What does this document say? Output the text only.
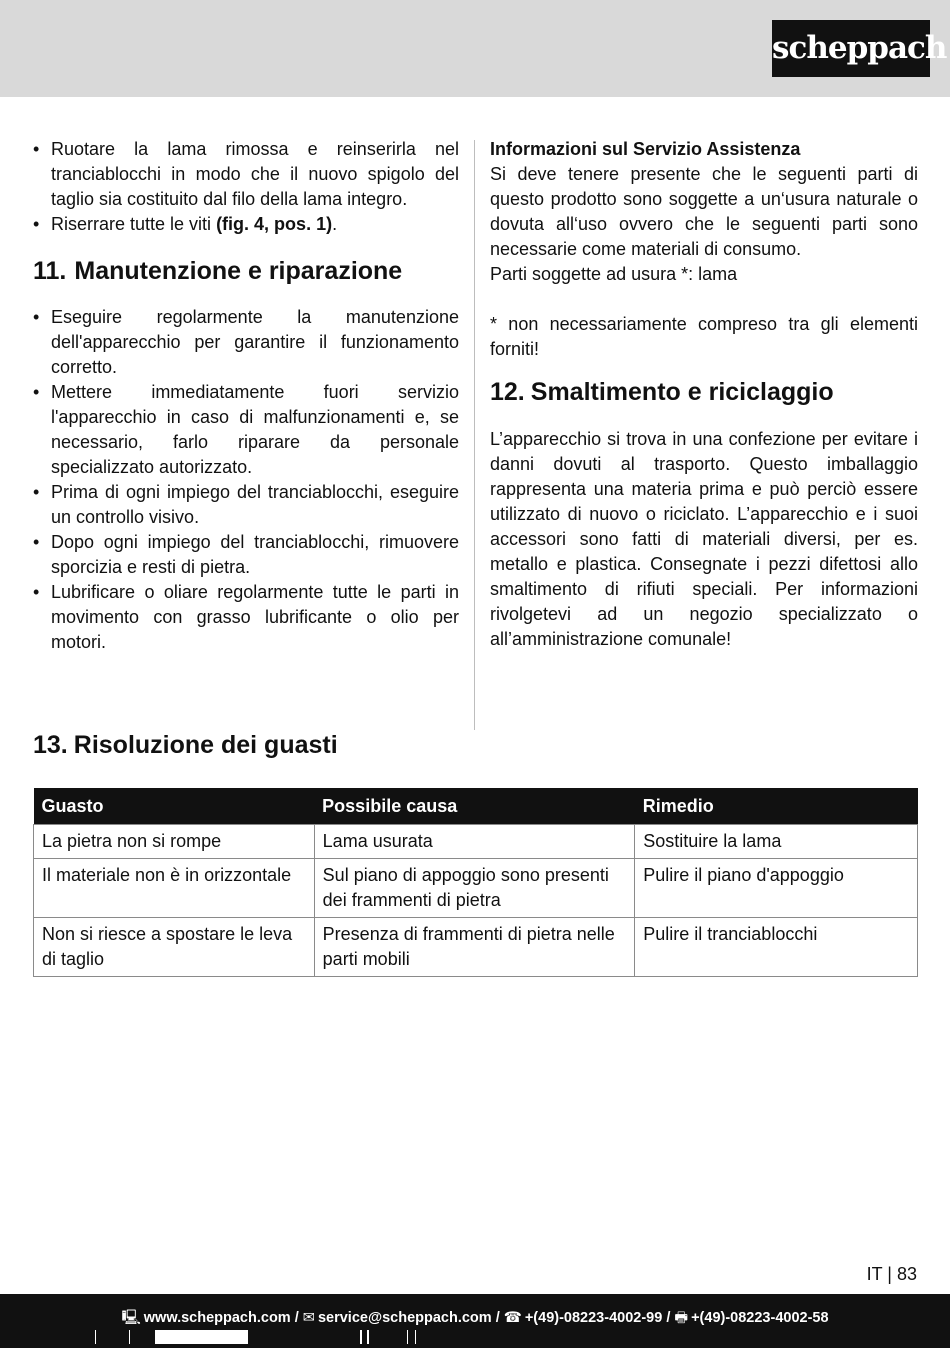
scheppach
• Ruotare la lama rimossa e reinserirla nel tranciablocchi in modo che il nuovo spigolo del taglio sia costituito dal filo della lama integro.
• Riserrare tutte le viti (fig. 4, pos. 1).
11. Manutenzione e riparazione
• Eseguire regolarmente la manutenzione dell'apparecchio per garantire il funzionamento corretto.
• Mettere immediatamente fuori servizio l'apparecchio in caso di malfunzionamenti e, se necessario, farlo riparare da personale specializzato autorizzato.
• Prima di ogni impiego del tranciablocchi, eseguire un controllo visivo.
• Dopo ogni impiego del tranciablocchi, rimuovere sporcizia e resti di pietra.
• Lubrificare o oliare regolarmente tutte le parti in movimento con grasso lubrificante o olio per motori.
Informazioni sul Servizio Assistenza

Si deve tenere presente che le seguenti parti di questo prodotto sono soggette a un‘usura naturale o dovuta all‘uso ovvero che le seguenti parti sono necessarie come materiali di consumo.

Parti soggette ad usura *: lama

* non necessariamente compreso tra gli elementi forniti!

12. Smaltimento e riciclaggio

L’apparecchio si trova in una confezione per evitare i danni dovuti al trasporto. Questo imballaggio rappresenta una materia prima e può perciò essere utilizzato di nuovo o riciclato. L’apparecchio e i suoi accessori sono fatti di materiali diversi, per es. metallo e plastica. Consegnate i pezzi difettosi allo smaltimento di rifiuti speciali. Per informazioni rivolgetevi ad un negozio specializzato o all’amministrazione comunale!

13. Risoluzione dei guasti
Guasto	Possibile causa	Rimedio
La pietra non si rompe	Lama usurata	Sostituire la lama
Il materiale non è in orizzontale	Sul piano di appoggio sono presenti dei frammenti di pietra	Pulire il piano d'appoggio
Non si riesce a spostare le leva di taglio	Presenza di frammenti di pietra nelle parti mobili	Pulire il tranciablocchi
IT | 83
🖳 www.scheppach.com / ✉ service@scheppach.com / ☎ +(49)-08223-4002-99 / 🖶 +(49)-08223-4002-58
